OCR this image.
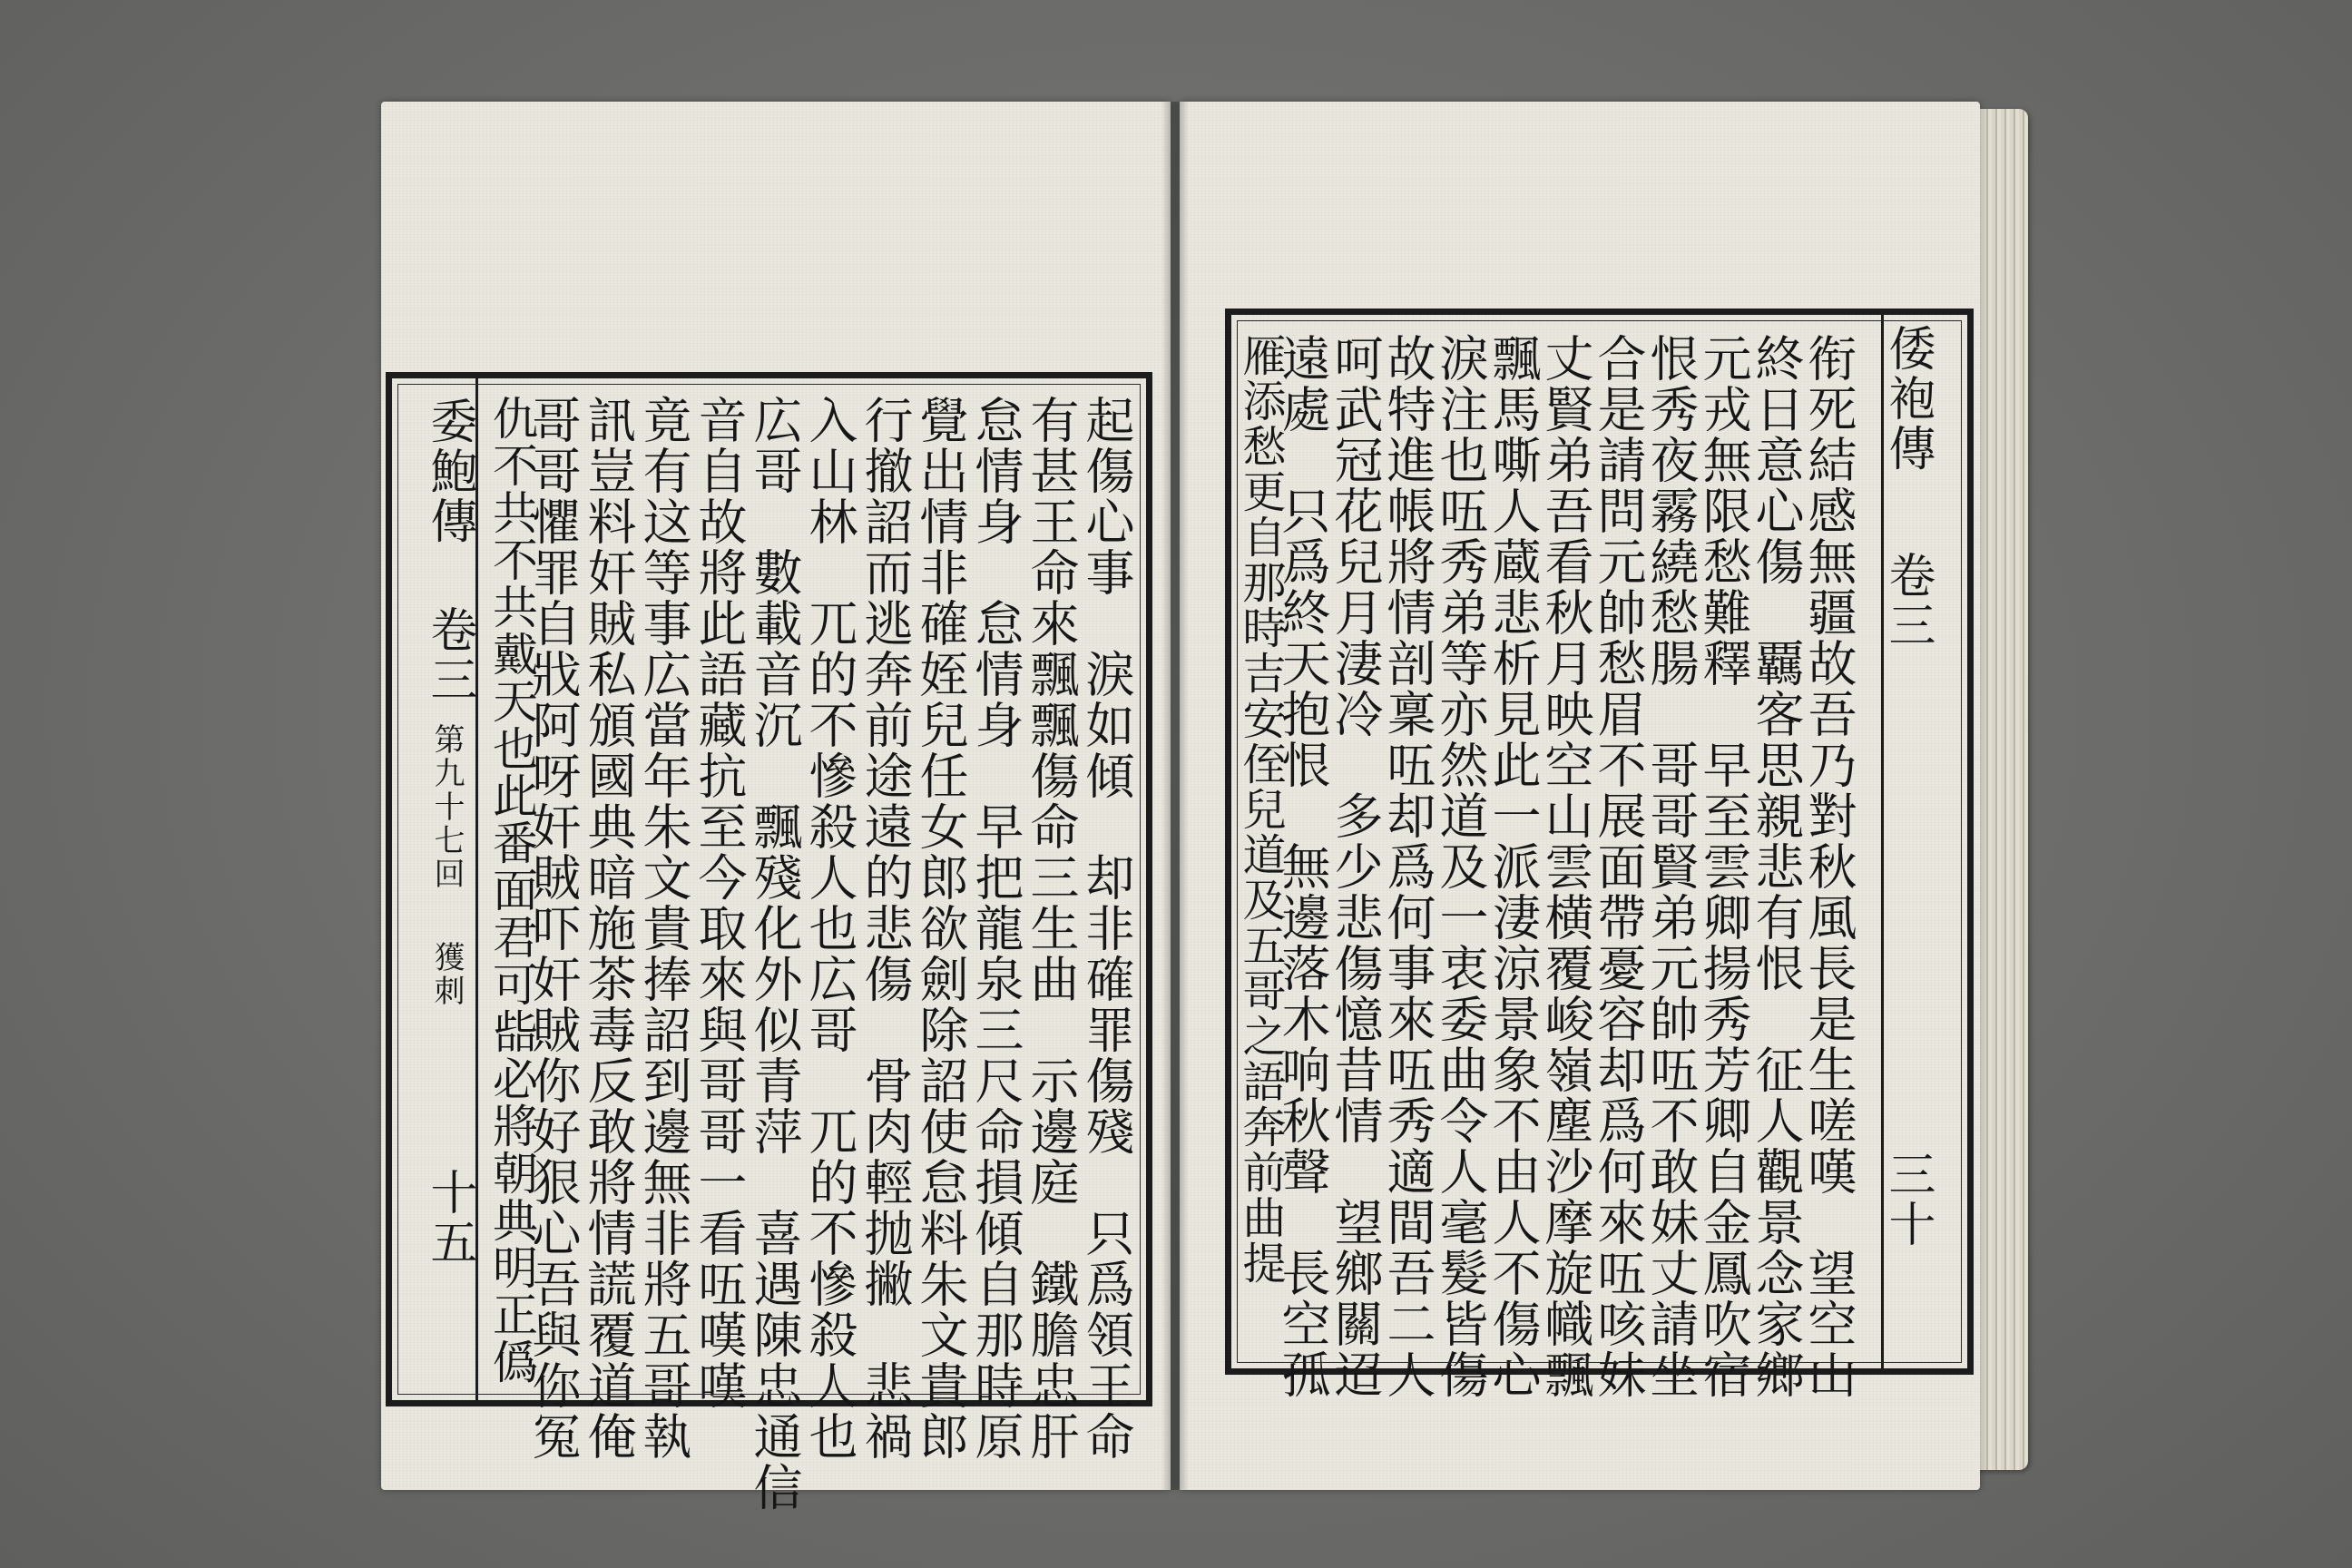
委鮑傳
卷三
第九十七回
獲刺
十五	起傷心事　淚如傾　却非確罪傷殘　只爲領王命
有甚王命來飄飄傷命三生曲　示邊庭　鐵膽忠肝
怠情身　怠情身　早把龍泉三尺命損傾自那時原
覺出情非確姪兒任女郎欲劍除詔使怠料朱文貴郎
行撤詔而逃奔前途遠的悲傷　骨肉輕抛撇　悲禍
入山林　兀的不慘殺人也広哥　兀的不慘殺人也
広哥　數載音沉　飄殘化外似青萍　喜遇陳忠通信
音自故將此語藏抗至今取來與哥哥一看㕶嘆嘆
竟有这等事広當年朱文貴捧詔到邊無非將五哥執
訊豈料奸賊私頒國典暗施茶毒反敢將情謊覆道俺
哥哥懼罪自戕阿呀奸賊吓奸賊你好狠心吾與你冤
仇不共不共戴天也此番面君可啙必將朝典明正僞	倭袍傳
卷三
三十
衔死結感無疆故吾乃對秋風長是生嗟嘆　望空山
終日意心傷　覊客思親悲有恨　征人觀景念家鄉
元戎無限愁難釋　早至雲卿揚秀芳卿自金鳳吹宿
恨秀夜霧繞愁腸　哥哥賢弟元帥㕶不敢妹丈請坐
合是請問元帥愁眉不展面帶憂容却爲何來㕶咳妹
丈賢弟吾看秋月映空山雲横覆峻嶺塵沙摩旋幟飄
飄馬嘶人蔵悲析見此一派淒涼景象不由人不傷心
淚注也㕶秀弟等亦然道及一衷委曲令人毫髮皆傷
故特進帳將情剖稟㕶却爲何事來㕶秀適間吾二人
呵武冠花兒月淒冷　多少悲傷憶昔情　望鄉關迢
遠處　只爲終天抱恨　無邊落木响秋聲　長空孤
雁添愁更自那時吉安侄兒道及五哥之語奔前曲提
